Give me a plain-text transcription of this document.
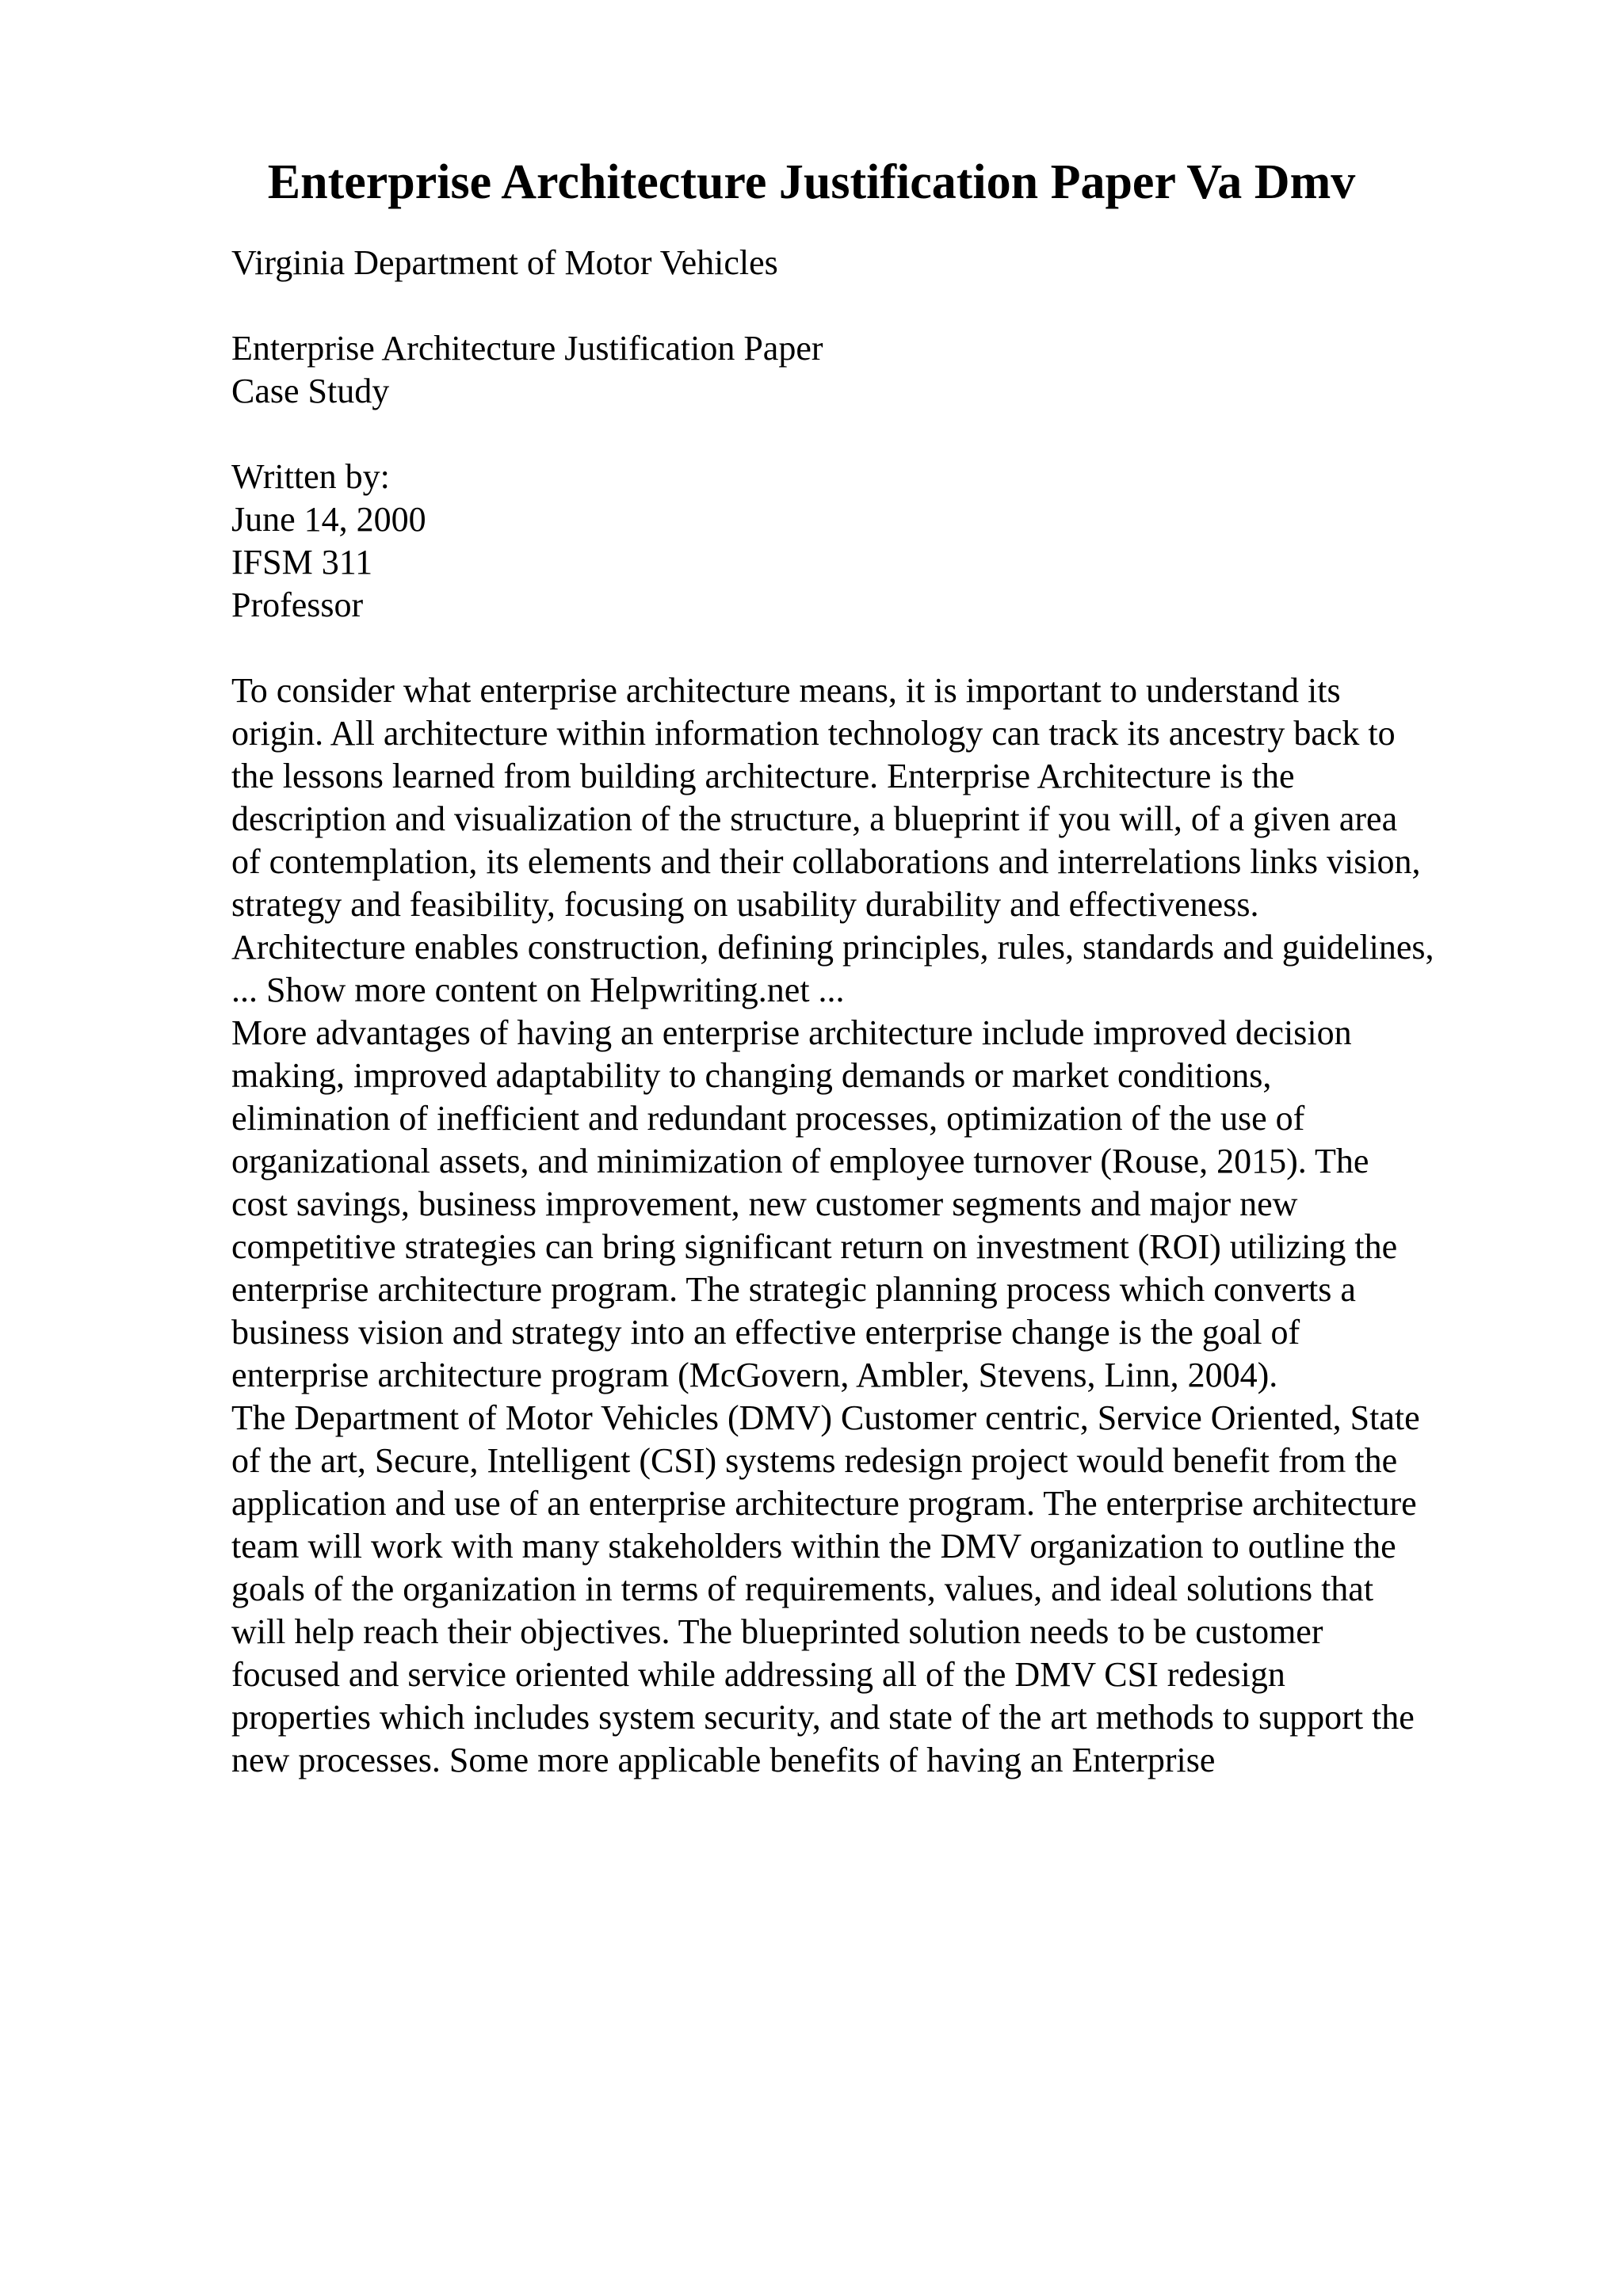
Enterprise Architecture Justification Paper Va Dmv
Virginia Department of Motor Vehicles
Enterprise Architecture Justification Paper
Case Study
Written by:
June 14, 2000
IFSM 311
Professor
To consider what enterprise architecture means, it is important to understand its
origin. All architecture within information technology can track its ancestry back to
the lessons learned from building architecture. Enterprise Architecture is the
description and visualization of the structure, a blueprint if you will, of a given area
of contemplation, its elements and their collaborations and interrelations links vision,
strategy and feasibility, focusing on usability durability and effectiveness.
Architecture enables construction, defining principles, rules, standards and guidelines,
... Show more content on Helpwriting.net ...
More advantages of having an enterprise architecture include improved decision
making, improved adaptability to changing demands or market conditions,
elimination of inefficient and redundant processes, optimization of the use of
organizational assets, and minimization of employee turnover (Rouse, 2015). The
cost savings, business improvement, new customer segments and major new
competitive strategies can bring significant return on investment (ROI) utilizing the
enterprise architecture program. The strategic planning process which converts a
business vision and strategy into an effective enterprise change is the goal of
enterprise architecture program (McGovern, Ambler, Stevens, Linn, 2004).
The Department of Motor Vehicles (DMV) Customer centric, Service Oriented, State
of the art, Secure, Intelligent (CSI) systems redesign project would benefit from the
application and use of an enterprise architecture program. The enterprise architecture
team will work with many stakeholders within the DMV organization to outline the
goals of the organization in terms of requirements, values, and ideal solutions that
will help reach their objectives. The blueprinted solution needs to be customer
focused and service oriented while addressing all of the DMV CSI redesign
properties which includes system security, and state of the art methods to support the
new processes. Some more applicable benefits of having an Enterprise
